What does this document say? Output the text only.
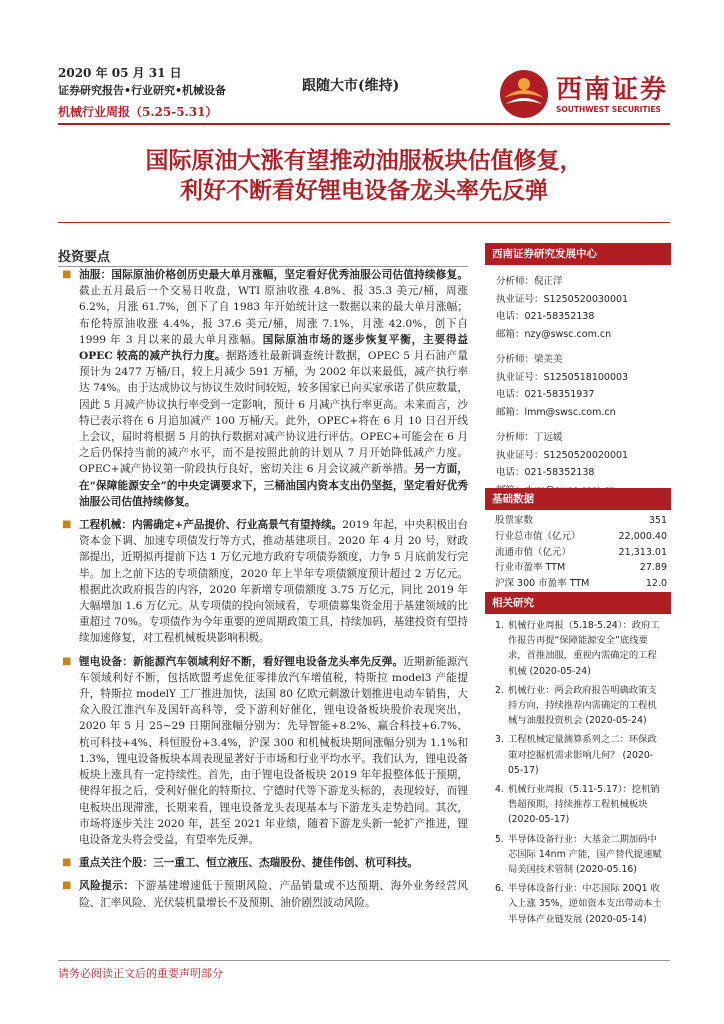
2020 年 05 月 31 日
证券研究报告•行业研究•机械设备
机械行业周报（5.25-5.31）
跟随大市(维持)	西南证券
SOUTHWEST SECURITIES
国际原油大涨有望推动油服板块估值修复，
利好不断看好锂电设备龙头率先反弹
投资要点

■ 油服：国际原油价格创历史最大单月涨幅，坚定看好优秀油服公司估值持续修复。截止五月最后一个交易日收盘，WTI 原油收涨 4.8%、报 35.3 美元/桶，周涨 6.2%，月涨 61.7%，创下了自 1983 年开始统计这一数据以来的最大单月涨幅；布伦特原油收涨 4.4%，报 37.6 美元/桶，周涨 7.1%，月涨 42.0%，创下自 1999 年 3 月以来的最大单月涨幅。国际原油市场的逐步恢复平衡，主要得益 OPEC 较高的减产执行力度。据路透社最新调查统计数据，OPEC 5 月石油产量预计为 2477 万桶/日，较上月减少 591 万桶，为 2002 年以来最低，减产执行率达 74%。由于达成协议与协议生效时间较短，较多国家已向买家承诺了供应数量，因此 5 月减产协议执行率受到一定影响，预计 6 月减产执行率更高。未来而言，沙特已表示将在 6 月追加减产 100 万桶/天。此外，OPEC+将在 6 月 10 日召开线上会议，届时将根据 5 月的执行数据对减产协议进行评估。OPEC+可能会在 6 月之后仍保持当前的减产水平，而不是按照此前的计划从 7 月开始降低减产力度。OPEC+减产协议第一阶段执行良好，密切关注 6 月会议减产新举措。另一方面，在“保障能源安全”的中央定调要求下，三桶油国内资本支出仍坚挺，坚定看好优秀油服公司估值持续修复。

■ 工程机械：内需确定+产品提价、行业高景气有望持续。2019 年起，中央积极出台资本金下调、加速专项债发行等方式，推动基建项目。2020 年 4 月 20 号，财政部提出，近期拟再提前下达 1 万亿元地方政府专项债券额度，力争 5 月底前发行完毕。加上之前下达的专项债额度，2020 年上半年专项债额度预计超过 2 万亿元。根据此次政府报告的内容，2020 年新增专项债额度 3.75 万亿元，同比 2019 年大幅增加 1.6 万亿元。从专项债的投向领域看，专项债募集资金用于基建领域的比重超过 70%。专项债作为今年重要的逆周期政策工具，持续加码，基建投资有望持续加速修复，对工程机械板块影响积极。

■ 锂电设备：新能源汽车领域利好不断，看好锂电设备龙头率先反弹。近期新能源汽车领域利好不断，包括欧盟考虑免征零排放汽车增值税，特斯拉 model3 产能提升，特斯拉 modelY 工厂推进加快，法国 80 亿欧元刺激计划推进电动车销售，大众入股江淮汽车及国轩高科等，受下游利好催化，锂电设备板块股价表现突出，2020 年 5 月 25~29 日期间涨幅分别为：先导智能+8.2%、赢合科技+6.7%、杭可科技+4%、科恒股份+3.4%，沪深 300 和机械板块期间涨幅分别为 1.1%和 1.3%，锂电设备板块本周表现显著好于市场和行业平均水平。我们认为，锂电设备板块上涨具有一定持续性。首先，由于锂电设备板块 2019 年年报整体低于预期，使得年报之后，受利好催化的特斯拉、宁德时代等下游龙头标的，表现较好，而锂电板块出现滞涨，长期来看，锂电设备龙头表现基本与下游龙头走势趋同。其次，市场将逐步关注 2020 年，甚至 2021 年业绩，随着下游龙头新一轮扩产推进，锂电设备龙头将会受益，有望率先反弹。

■ 重点关注个股：三一重工、恒立液压、杰瑞股份、捷佳伟创、杭可科技。

■ 风险提示：下游基建增速低于预期风险、产品销量或不达预期、海外业务经营风险、汇率风险、光伏装机量增长不及预期、油价剧烈波动风险。

西南证券研究发展中心
分析师：倪正洋
执业证号：S1250520030001
电话：021-58352138
邮箱：nzy@swsc.com.cn
分析师：梁美美
执业证号：S1250518100003
电话：021-58351937
邮箱：lmm@swsc.com.cn
分析师：丁远媛
执业证号：S1250520020001
电话：021-58352138
基础数据
股票家数	351
行业总市值（亿元）	22,000.40
流通市值（亿元）	21,313.01
行业市盈率 TTM	27.89
沪深 300 市盈率 TTM	12.0
相关研究
1. 机械行业周报（5.18-5.24）：政府工作报告再提“保障能源安全”底线要求，首推油服，重视内需确定的工程机械 (2020-05-24)
2. 机械行业：两会政府报告明确政策支持方向，持续推荐内需确定的工程机械与油服投资机会 (2020-05-24)
3. 工程机械定量测算系列之二：环保政策对挖掘机需求影响几何？ (2020-05-17)
4. 机械行业周报（5.11-5.17）：挖机销售超预期，持续推荐工程机械板块 (2020-05-17)
5. 半导体设备行业：大基金二期加码中芯国际 14nm 产能，国产替代提速赋局美国技术管制 (2020-05.16)
6. 半导体设备行业：中芯国际 20Q1 收入上涨 35%，逆如资本支出带动本土半导体产业链发展 (2020-05-14)
请务必阅读正文后的重要声明部分
